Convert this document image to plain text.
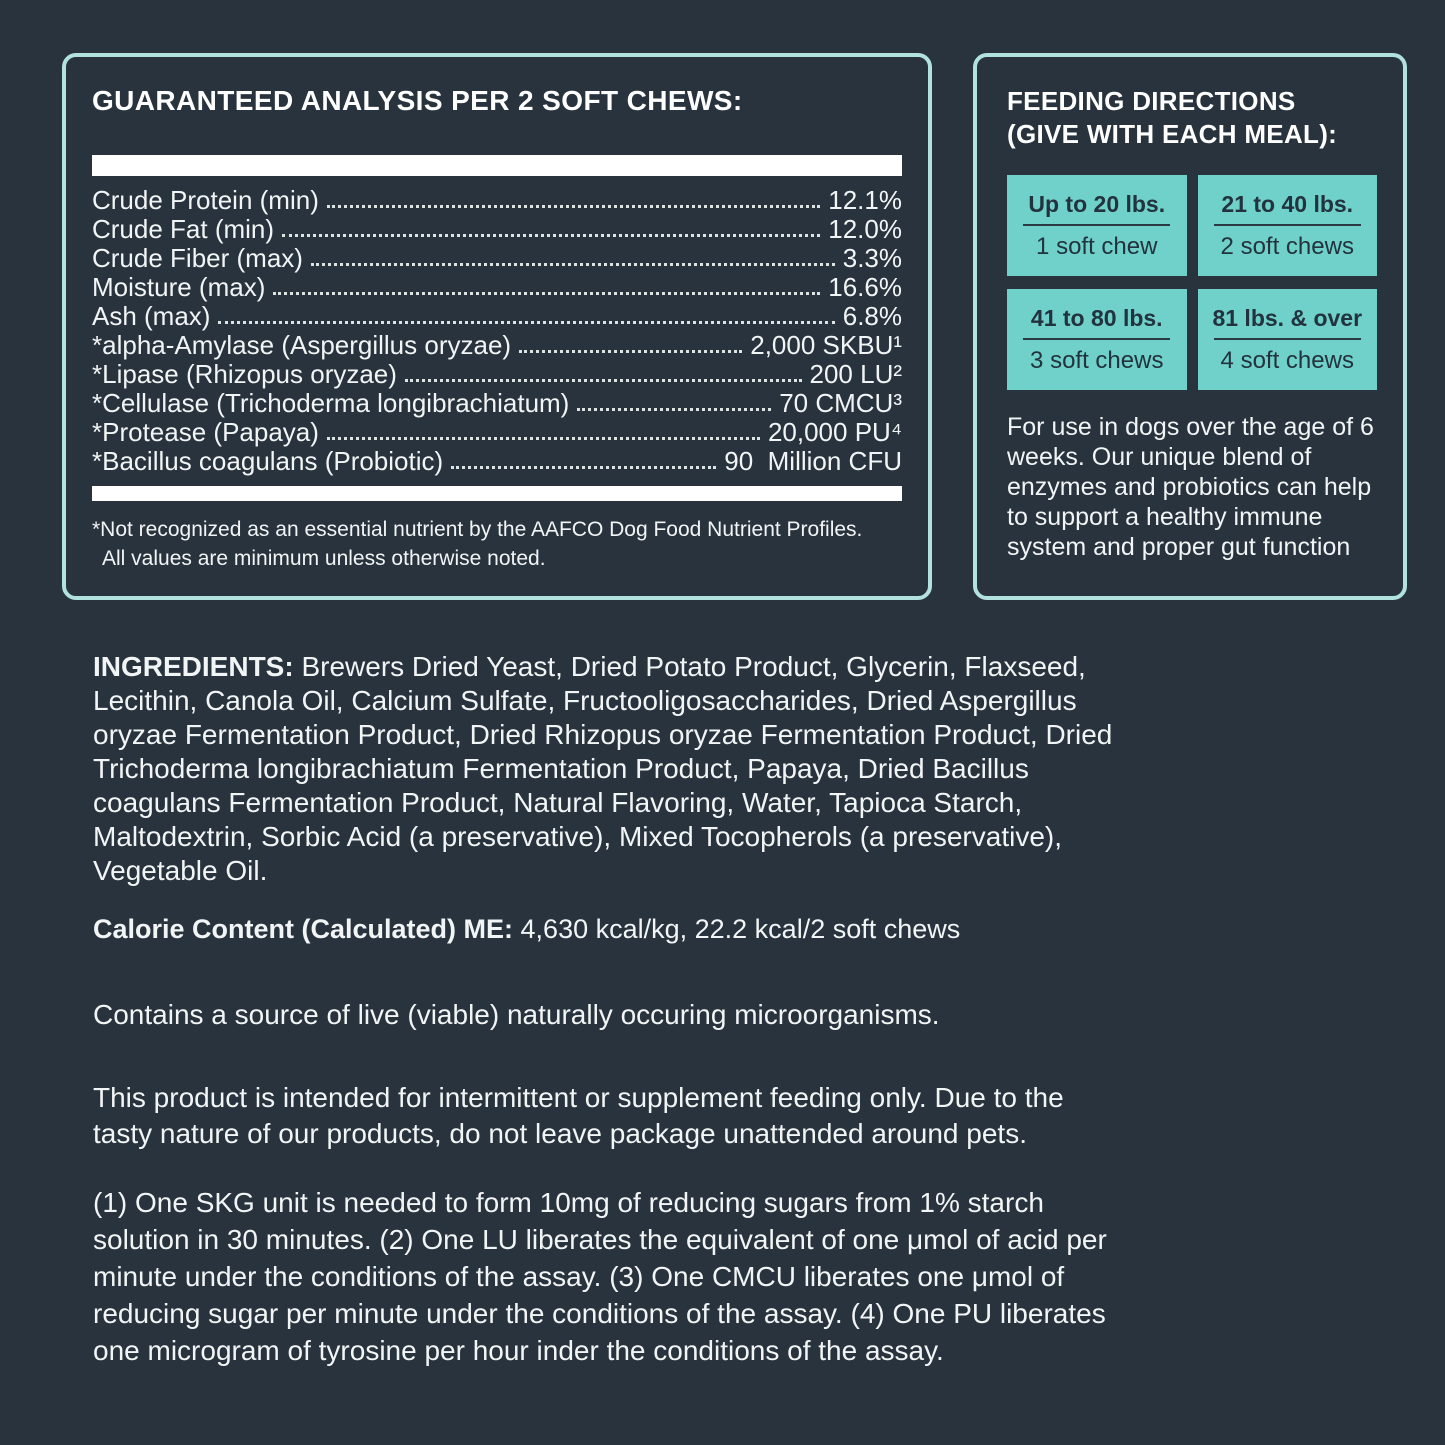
GUARANTEED ANALYSIS PER 2 SOFT CHEWS:
Crude Protein (min)	12.1%
Crude Fat (min)	12.0%
Crude Fiber (max)	3.3%
Moisture (max)	16.6%
Ash (max)	6.8%
*alpha-Amylase (Aspergillus oryzae)	2,000 SKBU¹
*Lipase (Rhizopus oryzae)	200 LU²
*Cellulase (Trichoderma longibrachiatum)	70 CMCU³
*Protease (Papaya)	20,000 PU⁴
*Bacillus coagulans (Probiotic)	90  Million CFU

*Not recognized as an essential nutrient by the AAFCO Dog Food Nutrient Profiles.
All values are minimum unless otherwise noted.

FEEDING DIRECTIONS
(GIVE WITH EACH MEAL):
Up to 20 lbs.
1 soft chew
21 to 40 lbs.
2 soft chews
41 to 80 lbs.
3 soft chews
81 lbs. & over
4 soft chews

For use in dogs over the age of 6 weeks. Our unique blend of enzymes and probiotics can help to support a healthy immune system and proper gut function

INGREDIENTS: Brewers Dried Yeast, Dried Potato Product, Glycerin, Flaxseed, Lecithin, Canola Oil, Calcium Sulfate, Fructooligosaccharides, Dried Aspergillus oryzae Fermentation Product, Dried Rhizopus oryzae Fermentation Product, Dried Trichoderma longibrachiatum Fermentation Product, Papaya, Dried Bacillus coagulans Fermentation Product, Natural Flavoring, Water, Tapioca Starch, Maltodextrin, Sorbic Acid (a preservative), Mixed Tocopherols (a preservative), Vegetable Oil.

Calorie Content (Calculated) ME: 4,630 kcal/kg, 22.2 kcal/2 soft chews

Contains a source of live (viable) naturally occuring microorganisms.

This product is intended for intermittent or supplement feeding only. Due to the tasty nature of our products, do not leave package unattended around pets.

(1) One SKG unit is needed to form 10mg of reducing sugars from 1% starch solution in 30 minutes. (2) One LU liberates the equivalent of one μmol of acid per minute under the conditions of the assay. (3) One CMCU liberates one μmol of reducing sugar per minute under the conditions of the assay. (4) One PU liberates one microgram of tyrosine per hour inder the conditions of the assay.
